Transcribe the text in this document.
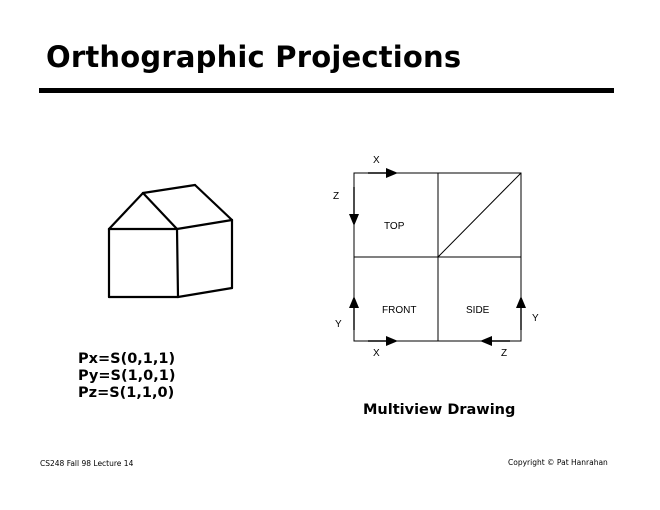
Orthographic Projections
X
Z
TOP
FRONT	SIDE
Y
Y
X	Z
Px=S(0,1,1)
Py=S(1,0,1)
Pz=S(1,1,0)
Multiview Drawing
CS248 Fall 98 Lecture 14	Copyright © Pat Hanrahan
